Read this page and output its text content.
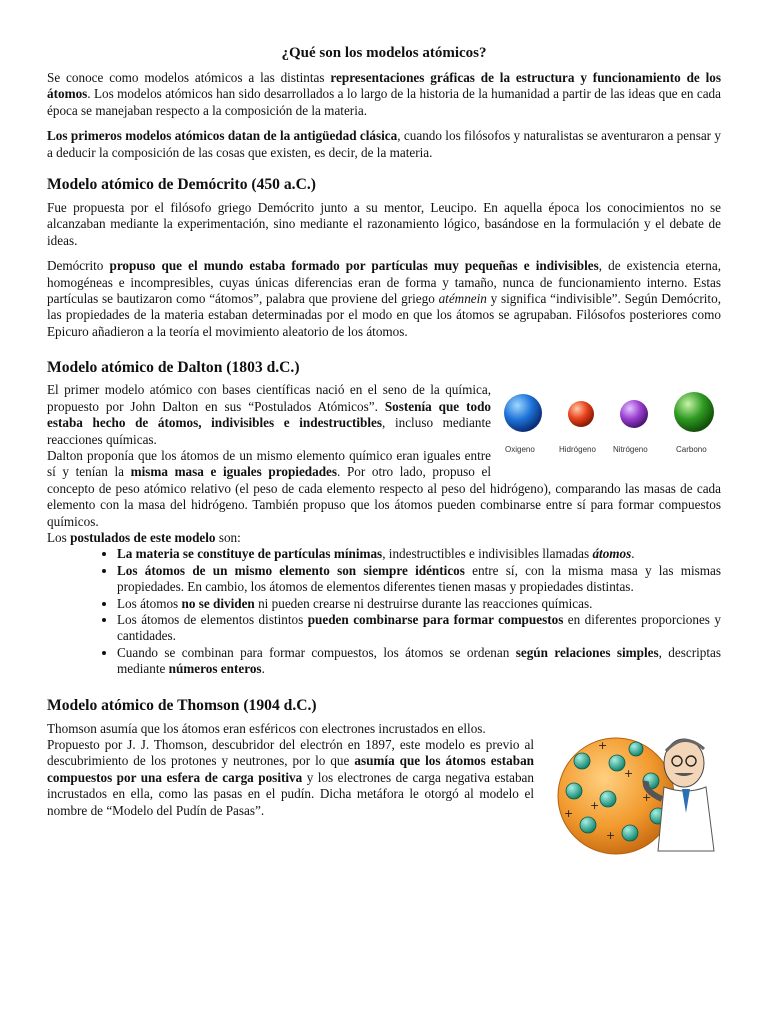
¿Qué son los modelos atómicos?

Se conoce como modelos atómicos a las distintas representaciones gráficas de la estructura y funcionamiento de los átomos. Los modelos atómicos han sido desarrollados a lo largo de la historia de la humanidad a partir de las ideas que en cada época se manejaban respecto a la composición de la materia.

Los primeros modelos atómicos datan de la antigüedad clásica, cuando los filósofos y naturalistas se aventuraron a pensar y a deducir la composición de las cosas que existen, es decir, de la materia.

Modelo atómico de Demócrito (450 a.C.)

Fue propuesta por el filósofo griego Demócrito junto a su mentor, Leucipo. En aquella época los conocimientos no se alcanzaban mediante la experimentación, sino mediante el razonamiento lógico, basándose en la formulación y el debate de ideas.

Demócrito propuso que el mundo estaba formado por partículas muy pequeñas e indivisibles, de existencia eterna, homogéneas e incompresibles, cuyas únicas diferencias eran de forma y tamaño, nunca de funcionamiento interno. Estas partículas se bautizaron como “átomos”, palabra que proviene del griego atémnein y significa “indivisible”. Según Demócrito, las propiedades de la materia estaban determinadas por el modo en que los átomos se agrupaban. Filósofos posteriores como Epicuro añadieron a la teoría el movimiento aleatorio de los átomos.

Modelo atómico de Dalton (1803 d.C.)
Oxigeno	Hidrógeno Nitrógeno	Carbono

El primer modelo atómico con bases científicas nació en el seno de la química, propuesto por John Dalton en sus “Postulados Atómicos”. Sostenía que todo estaba hecho de átomos, indivisibles e indestructibles, incluso mediante reacciones químicas.

Dalton proponía que los átomos de un mismo elemento químico eran iguales entre sí y tenían la misma masa e iguales propiedades. Por otro lado, propuso el concepto de peso atómico relativo (el peso de cada elemento respecto al peso del hidrógeno), comparando las masas de cada elemento con la masa del hidrógeno. También propuso que los átomos pueden combinarse entre sí para formar compuestos químicos.

Los postulados de este modelo son:

• La materia se constituye de partículas mínimas, indestructibles e indivisibles llamadas átomos.
• Los átomos de un mismo elemento son siempre idénticos entre sí, con la misma masa y las mismas propiedades. En cambio, los átomos de elementos diferentes tienen masas y propiedades distintas.
• Los átomos no se dividen ni pueden crearse ni destruirse durante las reacciones químicas.
• Los átomos de elementos distintos pueden combinarse para formar compuestos en diferentes proporciones y cantidades.
• Cuando se combinan para formar compuestos, los átomos se ordenan según relaciones simples, descriptas mediante números enteros.
Modelo atómico de Thomson (1904 d.C.)
+
+
+
+
+
+

Thomson asumía que los átomos eran esféricos con electrones incrustados en ellos.

Propuesto por J. J. Thomson, descubridor del electrón en 1897, este modelo es previo al descubrimiento de los protones y neutrones, por lo que asumía que los átomos estaban compuestos por una esfera de carga positiva y los electrones de carga negativa estaban incrustados en ella, como las pasas en el pudín. Dicha metáfora le otorgó al modelo el nombre de “Modelo del Pudín de Pasas”.
